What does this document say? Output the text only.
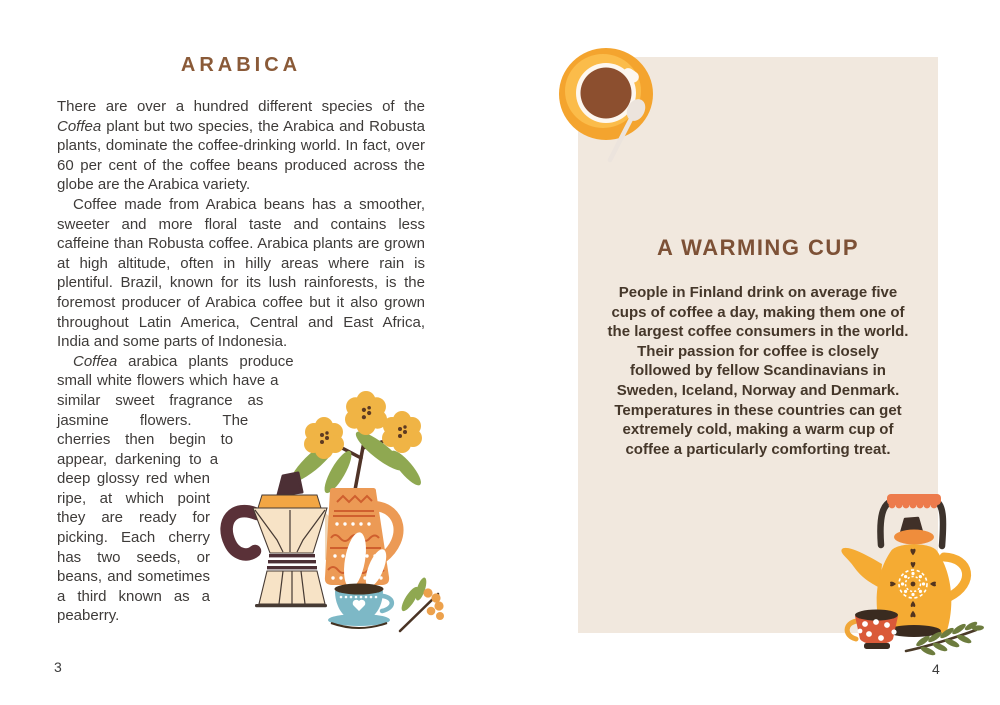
ARABICA

There are over a hundred different species of the Coffea plant but two species, the Arabica and Robusta plants, dominate the coffee-drinking world. In fact, over 60 per cent of the coffee beans produced across the globe are the Arabica variety.

Coffee made from Arabica beans has a smoother, sweeter and more floral taste and contains less caffeine than Robusta coffee. Arabica plants are grown at high altitude, often in hilly areas where rain is plentiful. Brazil, known for its lush rainforests, is the foremost producer of Arabica coffee but it also grown throughout Latin America, Central and East Africa, India and some parts of Indonesia.

Coffea arabica plants produce small white flowers which have a similar sweet fragrance as jasmine flowers. The cherries then begin to appear, darkening to a deep glossy red when ripe, at which point they are ready for picking. Each cherry has two seeds, or beans, and sometimes a third known as a peaberry.

3
A WARMING CUP
People in Finland drink on average five cups of coffee a day, making them one of the largest coffee consumers in the world. Their passion for coffee is closely followed by fellow Scandinavians in Sweden, Iceland, Norway and Denmark. Temperatures in these countries can get extremely cold, making a warm cup of coffee a particularly comforting treat.
4
